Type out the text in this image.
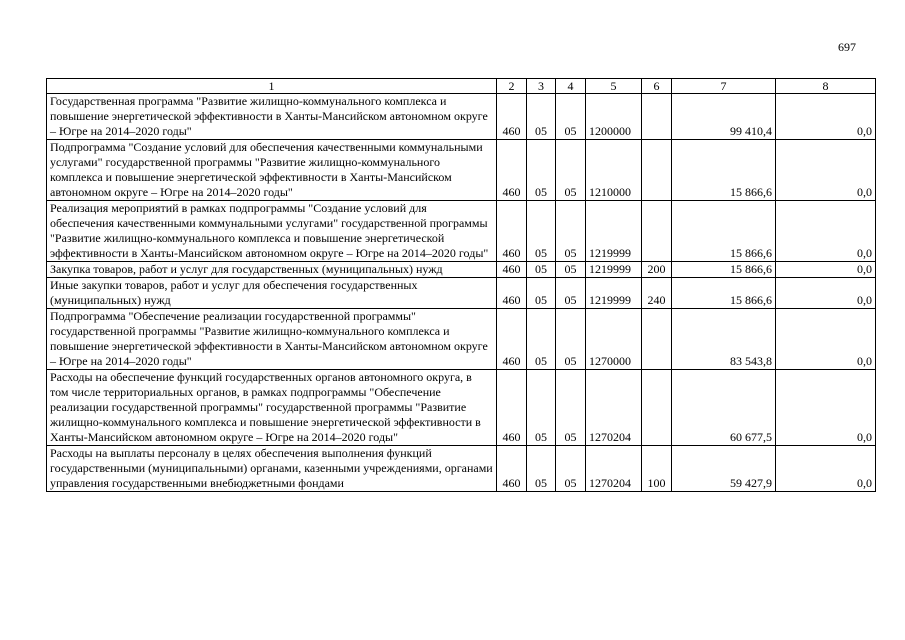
697
1	2	3	4	5	6	7	8
Государственная программа "Развитие жилищно-коммунального комплекса и повышение энергетической эффективности в Ханты-Мансийском автономном округе – Югре на 2014–2020 годы"	460	05	05	1200000		99 410,4	0,0
Подпрограмма "Создание условий для обеспечения качественными коммунальными услугами" государственной программы "Развитие жилищно-коммунального комплекса и повышение энергетической эффективности в Ханты-Мансийском автономном округе – Югре на 2014–2020 годы"	460	05	05	1210000		15 866,6	0,0
Реализация мероприятий в рамках подпрограммы "Создание условий для обеспечения качественными коммунальными услугами" государственной программы "Развитие жилищно-коммунального комплекса и повышение энергетической эффективности в Ханты-Мансийском автономном округе – Югре на 2014–2020 годы"	460	05	05	1219999		15 866,6	0,0
Закупка товаров, работ и услуг для государственных (муниципальных) нужд	460	05	05	1219999	200	15 866,6	0,0
Иные закупки товаров, работ и услуг для обеспечения государственных (муниципальных) нужд	460	05	05	1219999	240	15 866,6	0,0
Подпрограмма "Обеспечение реализации государственной программы" государственной программы "Развитие жилищно-коммунального комплекса и повышение энергетической эффективности в Ханты-Мансийском автономном округе – Югре на 2014–2020 годы"	460	05	05	1270000		83 543,8	0,0
Расходы на обеспечение функций государственных органов автономного округа, в том числе территориальных органов, в рамках подпрограммы "Обеспечение реализации государственной программы" государственной программы "Развитие жилищно-коммунального комплекса и повышение энергетической эффективности в Ханты-Мансийском автономном округе – Югре на 2014–2020 годы"	460	05	05	1270204		60 677,5	0,0
Расходы на выплаты персоналу в целях обеспечения выполнения функций государственными (муниципальными) органами, казенными учреждениями, органами управления государственными внебюджетными фондами	460	05	05	1270204	100	59 427,9	0,0
